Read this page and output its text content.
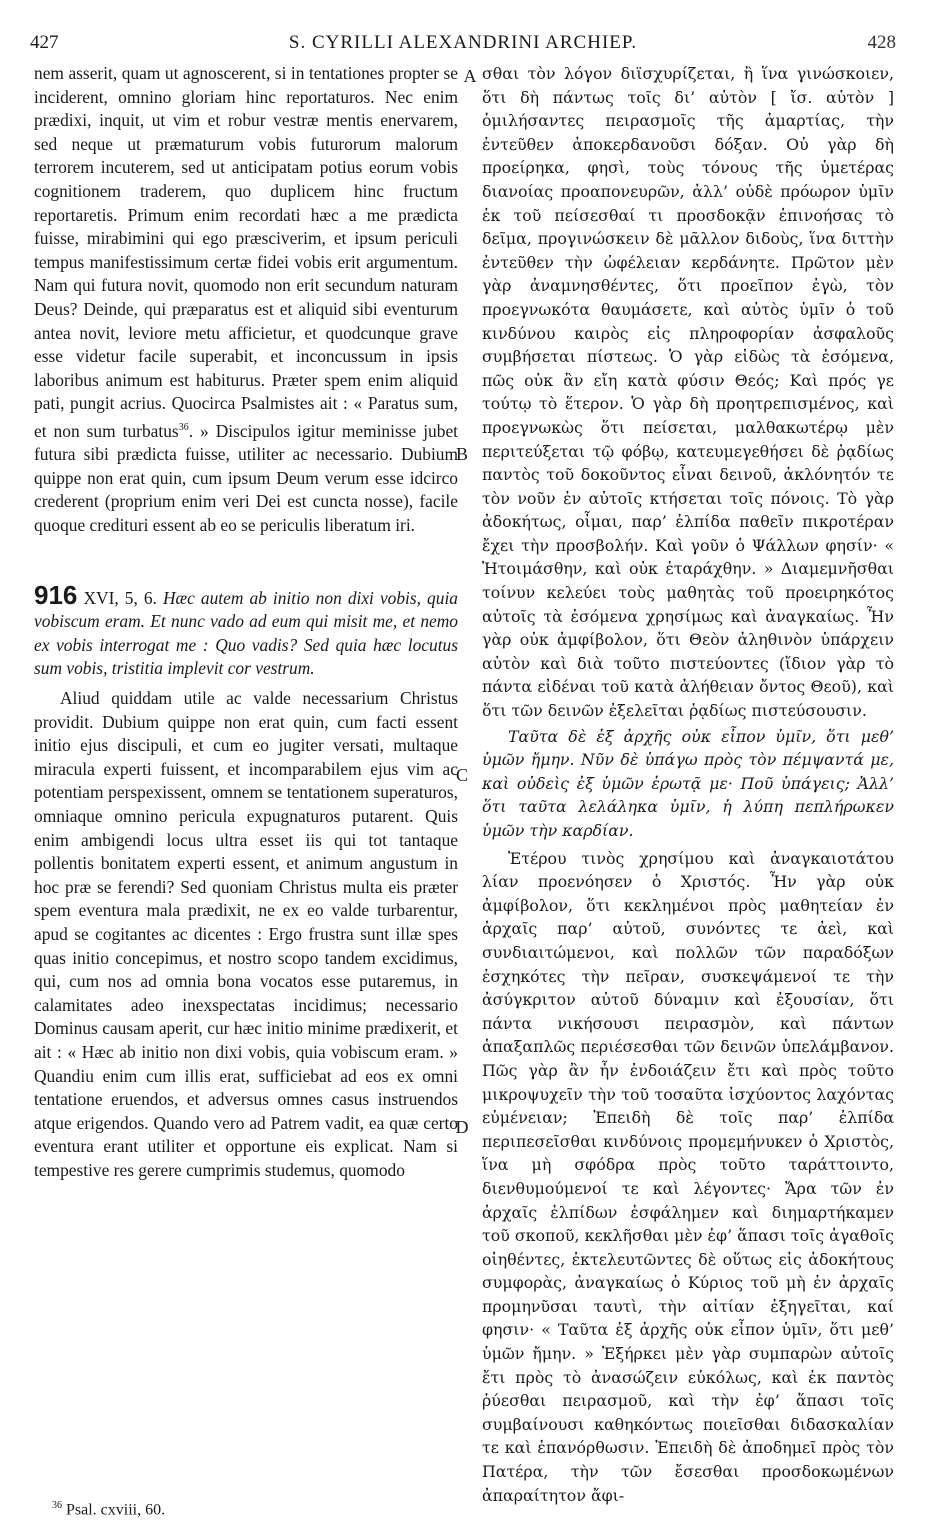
427	S. CYRILLI ALEXANDRINI ARCHIEP.	428

nem asserit, quam ut agnoscerent, si in tentationes propter se inciderent, omnino gloriam hinc reportaturos. Nec enim prædixi, inquit, ut vim et robur vestræ mentis enervarem, sed neque ut præmaturum vobis futurorum malorum terrorem incuterem, sed ut anticipatam potius eorum vobis cognitionem traderem, quo duplicem hinc fructum reportaretis. Primum enim recordati hæc a me prædicta fuisse, mirabimini qui ego præsciverim, et ipsum periculi tempus manifestissimum certæ fidei vobis erit argumentum. Nam qui futura novit, quomodo non erit secundum naturam Deus? Deinde, qui præparatus est et aliquid sibi eventurum antea novit, leviore metu afficietur, et quodcunque grave esse videtur facile superabit, et inconcussum in ipsis laboribus animum est habiturus. Præter spem enim aliquid pati, pungit acrius. Quocirca Psalmistes ait : « Paratus sum, et non sum turbatus$^{36}$. » Discipulos igitur meminisse jubet futura sibi prædicta fuisse, utiliter ac necessario. Dubium quippe non erat quin, cum ipsum Deum verum esse idcirco crederent (proprium enim veri Dei est cuncta nosse), facile quoque credituri essent ab eo se periculis liberatum iri.

916 XVI, 5, 6. Hæc autem ab initio non dixi vobis, quia vobiscum eram. Et nunc vado ad eum qui misit me, et nemo ex vobis interrogat me : Quo vadis? Sed quia hæc locutus sum vobis, tristitia implevit cor vestrum.

Aliud quiddam utile ac valde necessarium Christus providit. Dubium quippe non erat quin, cum facti essent initio ejus discipuli, et cum eo jugiter versati, multaque miracula experti fuissent, et incomparabilem ejus vim ac potentiam perspexissent, omnem se tentationem superaturos, omniaque omnino pericula expugnaturos putarent. Quis enim ambigendi locus ultra esset iis qui tot tantaque pollentis bonitatem experti essent, et animum angustum in hoc præ se ferendi? Sed quoniam Christus multa eis præter spem eventura mala prædixit, ne ex eo valde turbarentur, apud se cogitantes ac dicentes : Ergo frustra sunt illæ spes quas initio concepimus, et nostro scopo tandem excidimus, qui, cum nos ad omnia bona vocatos esse putaremus, in calamitates adeo inexspectatas incidimus; necessario Dominus causam aperit, cur hæc initio minime prædixerit, et ait : « Hæc ab initio non dixi vobis, quia vobiscum eram. » Quandiu enim cum illis erat, sufficiebat ad eos ex omni tentatione eruendos, et adversus omnes casus instruendos atque erigendos. Quando vero ad Patrem vadit, ea quæ certo eventura erant utiliter et opportune eis explicat. Nam si tempestive res gerere cumprimis studemus, quomodo

σθαι τὸν λόγον διϊσχυρίζεται, ἢ ἵνα γινώσκοιεν, ὅτι δὴ πάντως τοῖς δι’ αὐτὸν [ ἴσ. αὐτὸν ] ὁμιλήσαντες πειρασμοῖς τῆς ἁμαρτίας, τὴν ἐντεῦθεν ἀποκερδανοῦσι δόξαν. Οὐ γὰρ δὴ προείρηκα, φησὶ, τοὺς τόνους τῆς ὑμετέρας διανοίας προαπονευρῶν, ἀλλ’ οὐδὲ πρόωρον ὑμῖν ἐκ τοῦ πείσεσθαί τι προσδοκᾷν ἐπινοήσας τὸ δεῖμα, προγινώσκειν δὲ μᾶλλον διδοὺς, ἵνα διττὴν ἐντεῦθεν τὴν ὠφέλειαν κερδάνητε. Πρῶτον μὲν γὰρ ἀναμνησθέντες, ὅτι προεῖπον ἐγὼ, τὸν προεγνωκότα θαυμάσετε, καὶ αὐτὸς ὑμῖν ὁ τοῦ κινδύνου καιρὸς εἰς πληροφορίαν ἀσφαλοῦς συμβήσεται πίστεως. Ὁ γὰρ εἰδὼς τὰ ἐσόμενα, πῶς οὐκ ἂν εἴη κατὰ φύσιν Θεός; Καὶ πρός γε τούτῳ τὸ ἕτερον. Ὁ γὰρ δὴ προητρεπισμένος, καὶ προεγνωκὼς ὅτι πείσεται, μαλθακωτέρῳ μὲν περιτεύξεται τῷ φόβῳ, κατευμεγεθήσει δὲ ῥᾳδίως παντὸς τοῦ δοκοῦντος εἶναι δεινοῦ, ἀκλόνητόν τε τὸν νοῦν ἐν αὐτοῖς κτήσεται τοῖς πόνοις. Τὸ γὰρ ἀδοκήτως, οἶμαι, παρ’ ἐλπίδα παθεῖν πικροτέραν ἔχει τὴν προσβολήν. Καὶ γοῦν ὁ Ψάλλων φησίν· « Ἡτοιμάσθην, καὶ οὐκ ἐταράχθην. » Διαμεμνῆσθαι τοίνυν κελεύει τοὺς μαθητὰς τοῦ προειρηκότος αὐτοῖς τὰ ἐσόμενα χρησίμως καὶ ἀναγκαίως. Ἦν γὰρ οὐκ ἀμφίβολον, ὅτι Θεὸν ἀληθινὸν ὑπάρχειν αὐτὸν καὶ διὰ τοῦτο πιστεύοντες (ἴδιον γὰρ τὸ πάντα εἰδέναι τοῦ κατὰ ἀλήθειαν ὄντος Θεοῦ), καὶ ὅτι τῶν δεινῶν ἐξελεῖται ῥᾳδίως πιστεύσουσιν.

Ταῦτα δὲ ἐξ ἀρχῆς οὐκ εἶπον ὑμῖν, ὅτι μεθ’ ὑμῶν ἤμην. Νῦν δὲ ὑπάγω πρὸς τὸν πέμψαντά με, καὶ οὐδεὶς ἐξ ὑμῶν ἐρωτᾷ με· Ποῦ ὑπάγεις; Ἀλλ’ ὅτι ταῦτα λελάληκα ὑμῖν, ἡ λύπη πεπλήρωκεν ὑμῶν τὴν καρδίαν.

Ἑτέρου τινὸς χρησίμου καὶ ἀναγκαιοτάτου λίαν προενόησεν ὁ Χριστός. Ἦν γὰρ οὐκ ἀμφίβολον, ὅτι κεκλημένοι πρὸς μαθητείαν ἐν ἀρχαῖς παρ’ αὐτοῦ, συνόντες τε ἀεὶ, καὶ συνδιαιτώμενοι, καὶ πολλῶν τῶν παραδόξων ἐσχηκότες τὴν πεῖραν, συσκεψάμενοί τε τὴν ἀσύγκριτον αὐτοῦ δύναμιν καὶ ἐξουσίαν, ὅτι πάντα νικήσουσι πειρασμὸν, καὶ πάντων ἁπαξαπλῶς περιέσεσθαι τῶν δεινῶν ὑπελάμβανον. Πῶς γὰρ ἂν ἦν ἐνδοιάζειν ἔτι καὶ πρὸς τοῦτο μικροψυχεῖν τὴν τοῦ τοσαῦτα ἰσχύοντος λαχόντας εὐμένειαν; Ἐπειδὴ δὲ τοῖς παρ’ ἐλπίδα περιπεσεῖσθαι κινδύνοις προμεμήνυκεν ὁ Χριστὸς, ἵνα μὴ σφόδρα πρὸς τοῦτο ταράττοιντο, διενθυμούμενοί τε καὶ λέγοντες· Ἄρα τῶν ἐν ἀρχαῖς ἐλπίδων ἐσφάλημεν καὶ διημαρτήκαμεν τοῦ σκοποῦ, κεκλῆσθαι μὲν ἐφ’ ἅπασι τοῖς ἀγαθοῖς οἰηθέντες, ἐκτελευτῶντες δὲ οὕτως εἰς ἀδοκήτους συμφορὰς, ἀναγκαίως ὁ Κύριος τοῦ μὴ ἐν ἀρχαῖς προμηνῦσαι ταυτὶ, τὴν αἰτίαν ἐξηγεῖται, καί φησιν· « Ταῦτα ἐξ ἀρχῆς οὐκ εἶπον ὑμῖν, ὅτι μεθ’ ὑμῶν ἤμην. » Ἐξήρκει μὲν γὰρ συμπαρὼν αὐτοῖς ἔτι πρὸς τὸ ἀνασώζειν εὐκόλως, καὶ ἐκ παντὸς ῥύεσθαι πειρασμοῦ, καὶ τὴν ἐφ’ ἅπασι τοῖς συμβαίνουσι καθηκόντως ποιεῖσθαι διδασκαλίαν τε καὶ ἐπανόρθωσιν. Ἐπειδὴ δὲ ἀποδημεῖ πρὸς τὸν Πατέρα, τὴν τῶν ἔσεσθαι προσδοκωμένων ἀπαραίτητον ἄφι-

A
B
C
D
$^{36}$ Psal. cxviii, 60.
